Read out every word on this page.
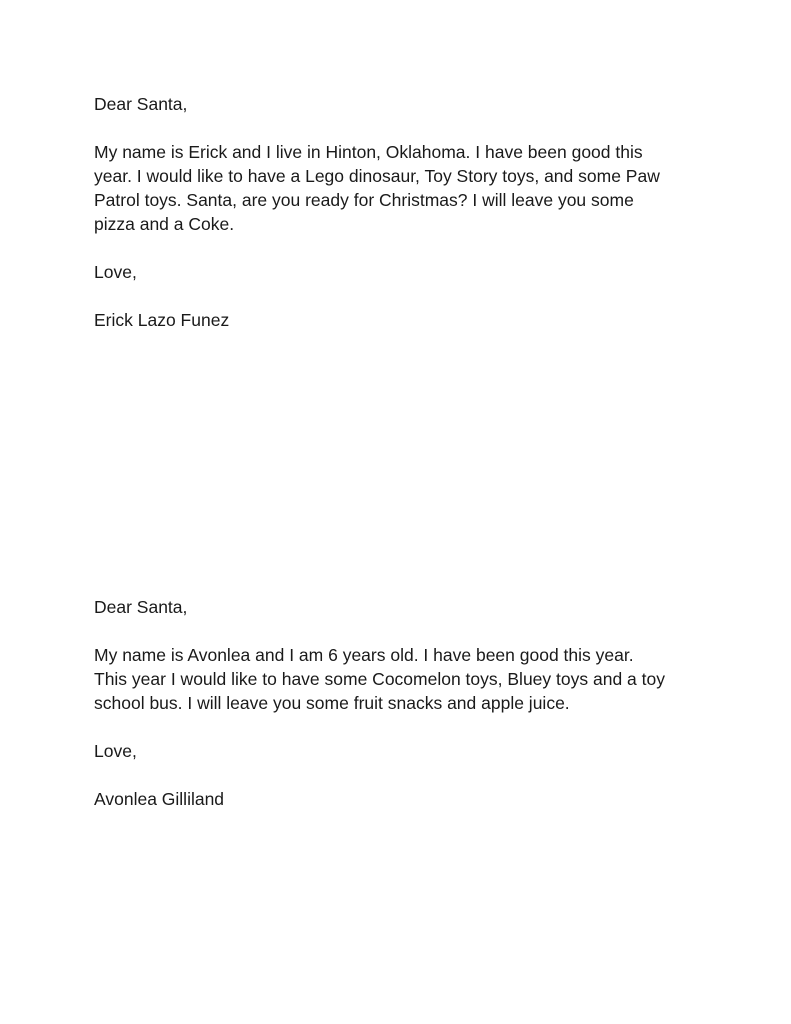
Dear Santa,

My name is Erick and I live in Hinton, Oklahoma. I have been good this
year. I would like to have a Lego dinosaur, Toy Story toys, and some Paw
Patrol toys. Santa, are you ready for Christmas? I will leave you some
pizza and a Coke.

Love,

Erick Lazo Funez

Dear Santa,

My name is Avonlea and I am 6 years old. I have been good this year.
This year I would like to have some Cocomelon toys, Bluey toys and a toy
school bus. I will leave you some fruit snacks and apple juice.

Love,

Avonlea Gilliland
